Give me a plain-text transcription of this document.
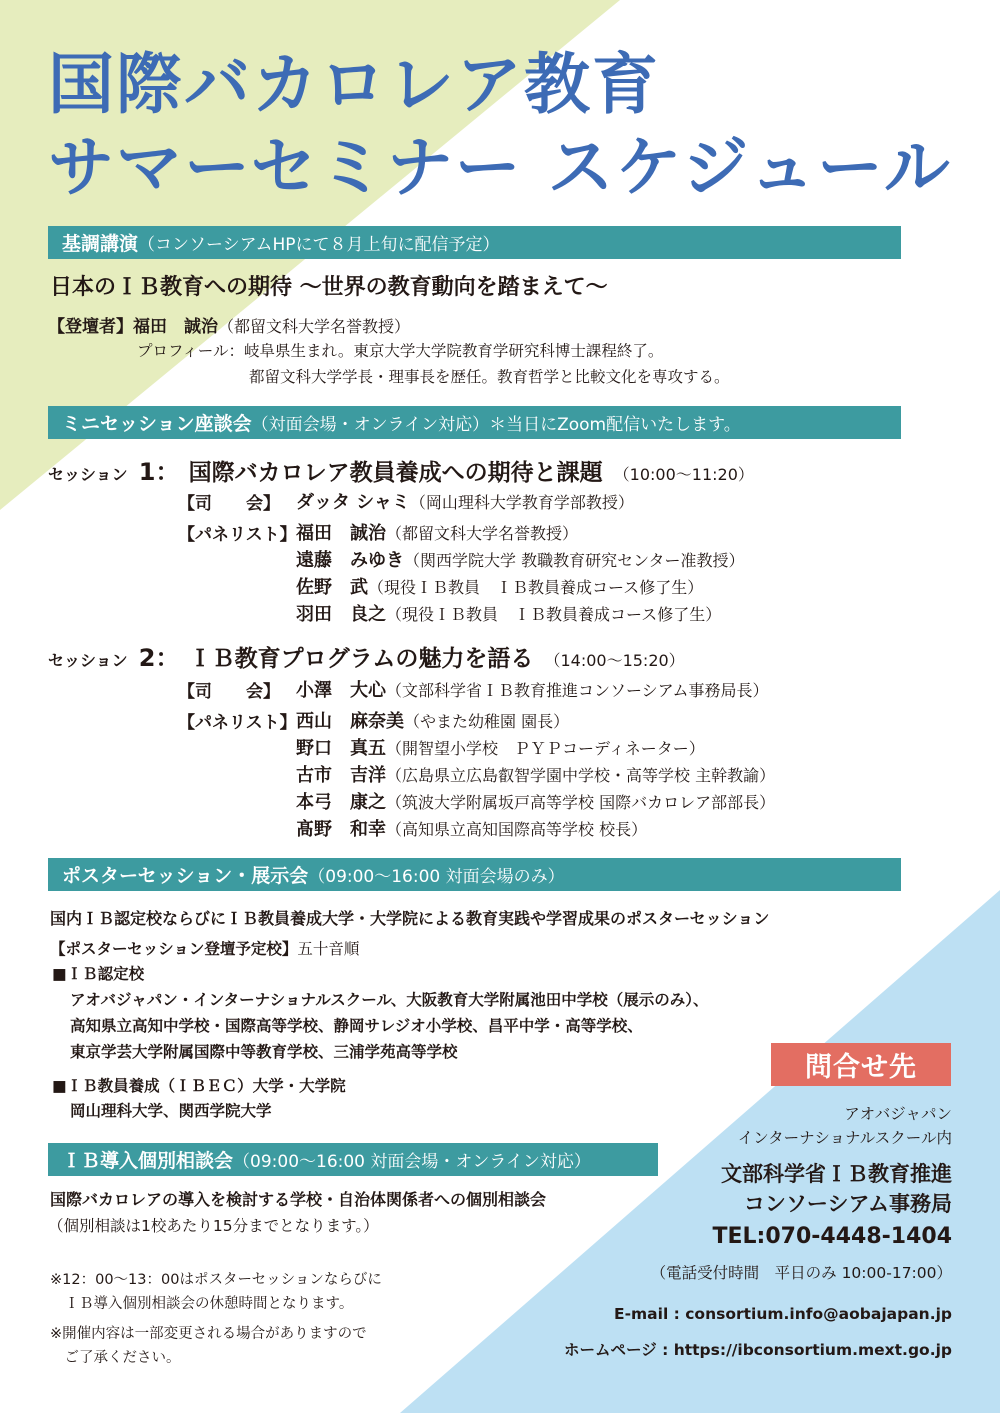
国際バカロレア教育
サマーセミナー スケジュール
基調講演 （コンソーシアムHPにて８月上旬に配信予定）
日本のＩＢ教育への期待 ～世界の教育動向を踏まえて～
【登壇者】福田　誠治（都留文科大学名誉教授）
プロフィール：岐阜県生まれ。東京大学大学院教育学研究科博士課程終了。
都留文科大学学長・理事長を歴任。教育哲学と比較文化を専攻する。
ミニセッション座談会 （対面会場・オンライン対応）＊当日にZoom配信いたします。
セッション 1： 国際バカロレア教員養成への期待と課題 （10:00～11:20）
【司　　会】 ダッタ シャミ（岡山理科大学教育学部教授）
【パネリスト】 福田　誠治（都留文科大学名誉教授）
遠藤　みゆき（関西学院大学 教職教育研究センター准教授）
佐野　武（現役ＩＢ教員　ＩＢ教員養成コース修了生）
羽田　良之（現役ＩＢ教員　ＩＢ教員養成コース修了生）
セッション 2： ＩＢ教育プログラムの魅力を語る （14:00～15:20）
【司　　会】 小澤　大心（文部科学省ＩＢ教育推進コンソーシアム事務局長）
【パネリスト】 西山　麻奈美（やまた幼稚園 園長）
野口　真五（開智望小学校　ＰＹＰコーディネーター）
古市　吉洋（広島県立広島叡智学園中学校・高等学校 主幹教諭）
本弓　康之（筑波大学附属坂戸高等学校 国際バカロレア部部長）
髙野　和幸（高知県立高知国際高等学校 校長）
ポスターセッション・展示会 （09:00～16:00 対面会場のみ）
国内ＩＢ認定校ならびにＩＢ教員養成大学・大学院による教育実践や学習成果のポスターセッション
【ポスターセッション登壇予定校】五十音順
■ＩＢ認定校
アオバジャパン・インターナショナルスクール、大阪教育大学附属池田中学校（展示のみ）、
高知県立高知中学校・国際高等学校、静岡サレジオ小学校、昌平中学・高等学校、
東京学芸大学附属国際中等教育学校、三浦学苑高等学校
■ＩＢ教員養成（ＩＢＥＣ）大学・大学院
岡山理科大学、関西学院大学
ＩＢ導入個別相談会 （09:00～16:00 対面会場・オンライン対応）
国際バカロレアの導入を検討する学校・自治体関係者への個別相談会
（個別相談は1校あたり15分までとなります。）
※12：00～13：00はポスターセッションならびに
　ＩＢ導入個別相談会の休憩時間となります。
※開催内容は一部変更される場合がありますので
　ご了承ください。
問合せ先
アオバジャパン
インターナショナルスクール内
文部科学省ＩＢ教育推進
コンソーシアム事務局
TEL:070-4448-1404
（電話受付時間　平日のみ 10:00-17:00）
E-mail : consortium.info@aobajapan.jp
ホームページ : https://ibconsortium.mext.go.jp
